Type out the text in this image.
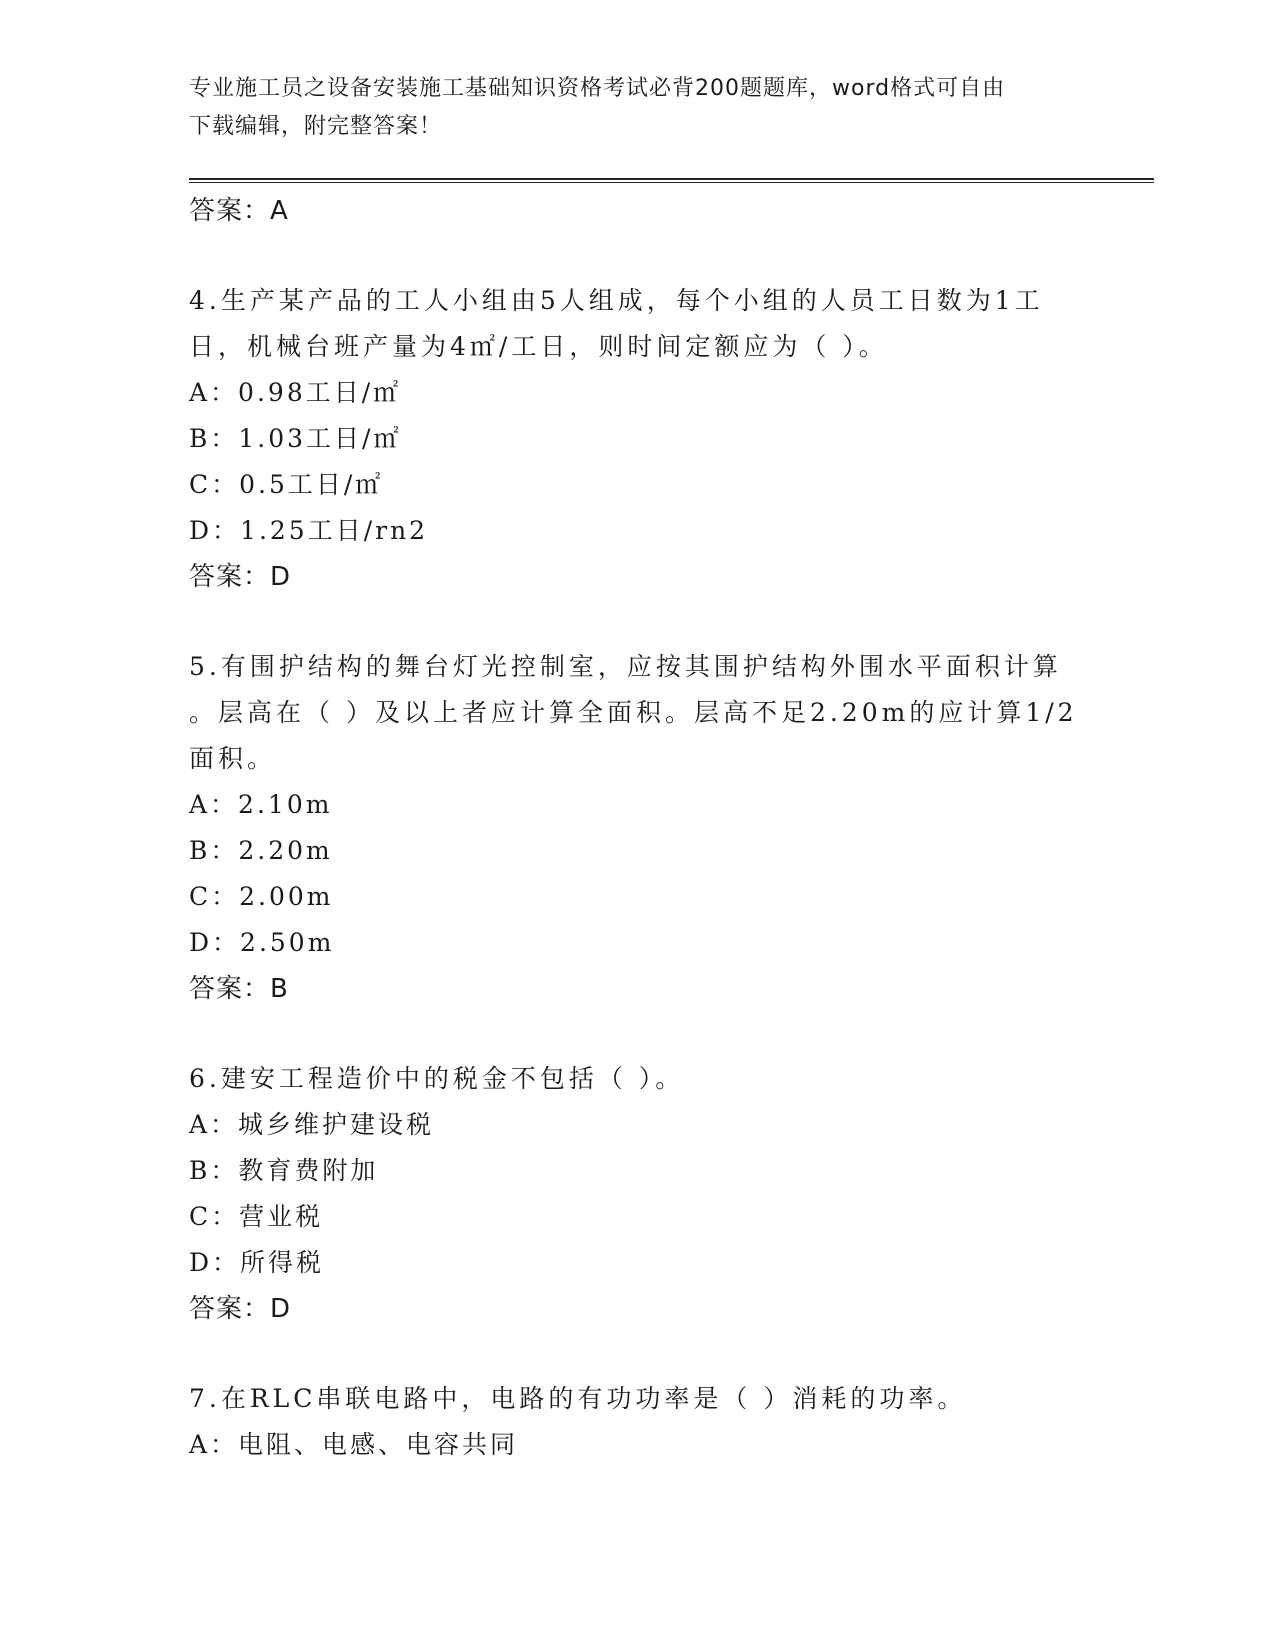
专业施工员之设备安装施工基础知识资格考试必背200题题库，word格式可自由
下载编辑，附完整答案！
答案：A
4.生产某产品的工人小组由5人组成，每个小组的人员工日数为1工
日，机械台班产量为4㎡/工日，则时间定额应为（ ）。
A：0.98工日/㎡
B：1.03工日/㎡
C：0.5工日/㎡
D：1.25工日/rn2
答案：D
5.有围护结构的舞台灯光控制室，应按其围护结构外围水平面积计算
。层高在（ ）及以上者应计算全面积。层高不足2.20m的应计算1/2
面积。
A：2.10m
B：2.20m
C：2.00m
D：2.50m
答案：B
6.建安工程造价中的税金不包括（ ）。
A：城乡维护建设税
B：教育费附加
C：营业税
D：所得税
答案：D
7.在RLC串联电路中，电路的有功功率是（ ）消耗的功率。
A：电阻、电感、电容共同
